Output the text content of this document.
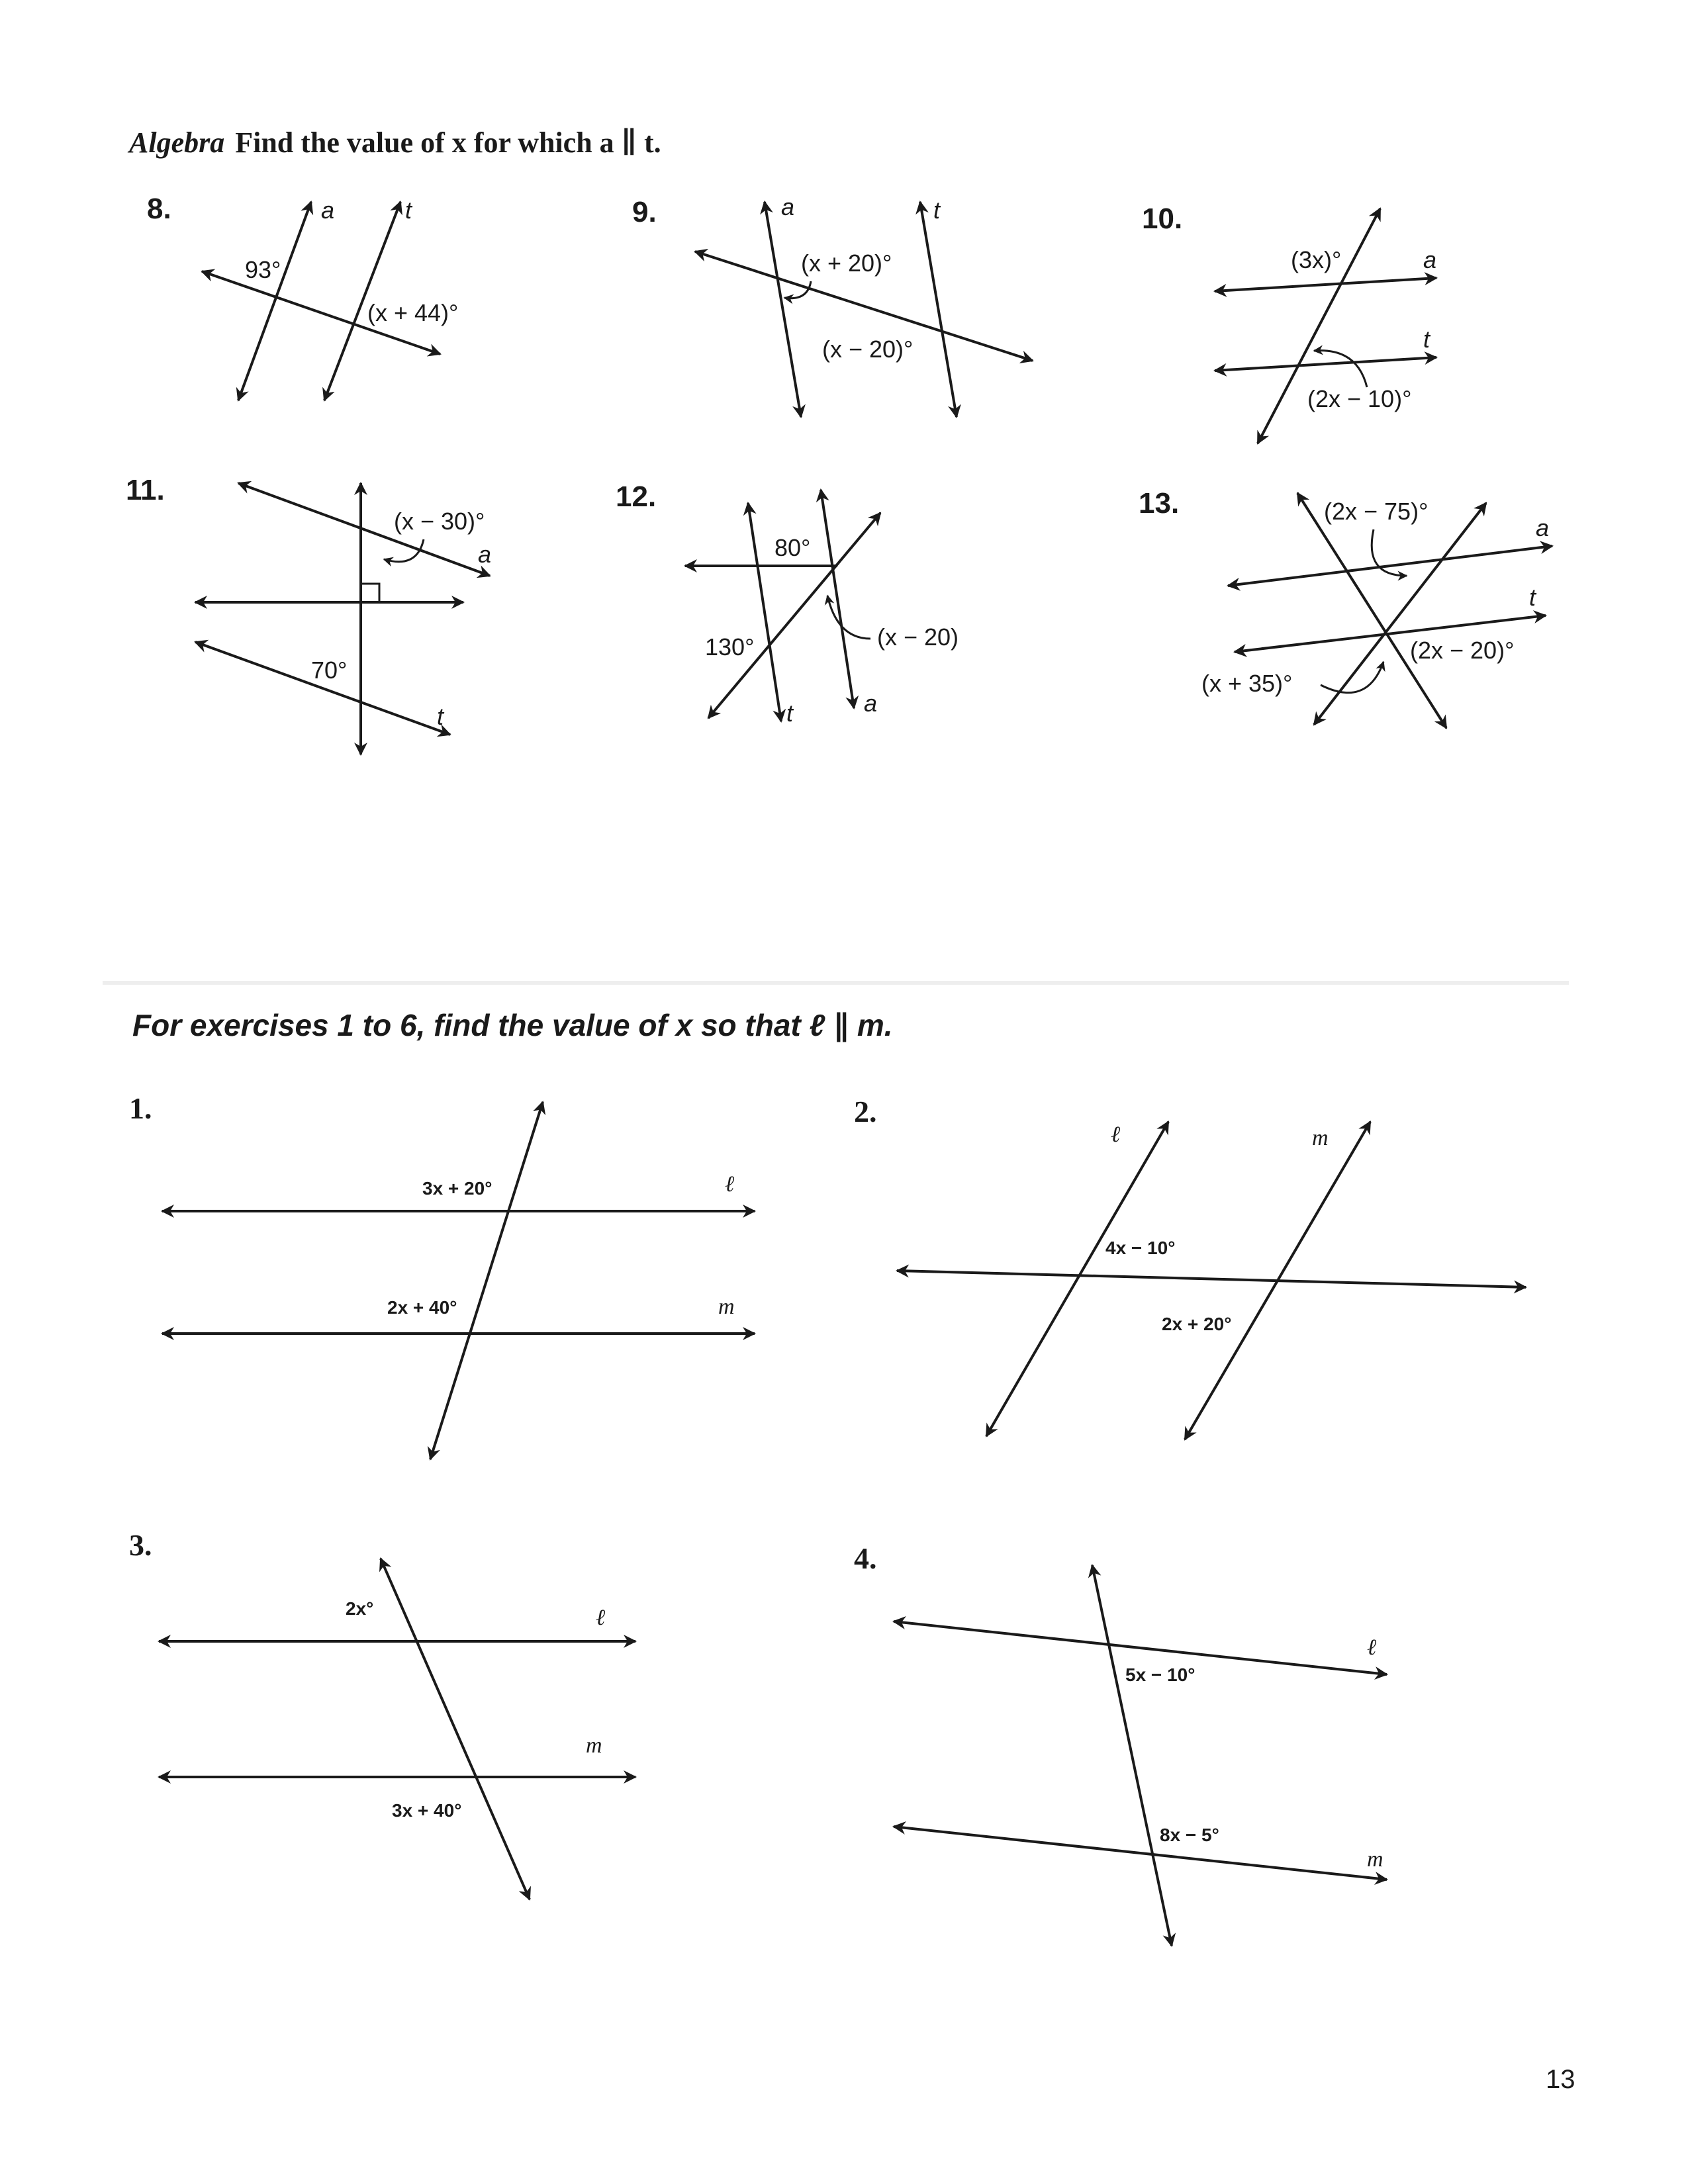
Algebra Find the value of x for which a ∥ t.
8.	a	t
93°
(x + 44)°
9.	a	t
(x + 20)°
(x − 20)°
10.
(3x)°	a
t
(2x − 10)°
11.
(x − 30)°
a
70°
t
12.
80°
130°	(x − 20)
t	a
13.	(2x − 75)°
a
t
(2x − 20)°
(x + 35)°
For exercises 1 to 6, find the value of x so that ℓ ∥ m.
1.
3x + 20°	ℓ
2x + 40°	m
2.
ℓ	m
4x − 10°
2x + 20°
3.
2x°	ℓ
m
3x + 40°
4.
ℓ
5x − 10°
8x − 5°
m
13
